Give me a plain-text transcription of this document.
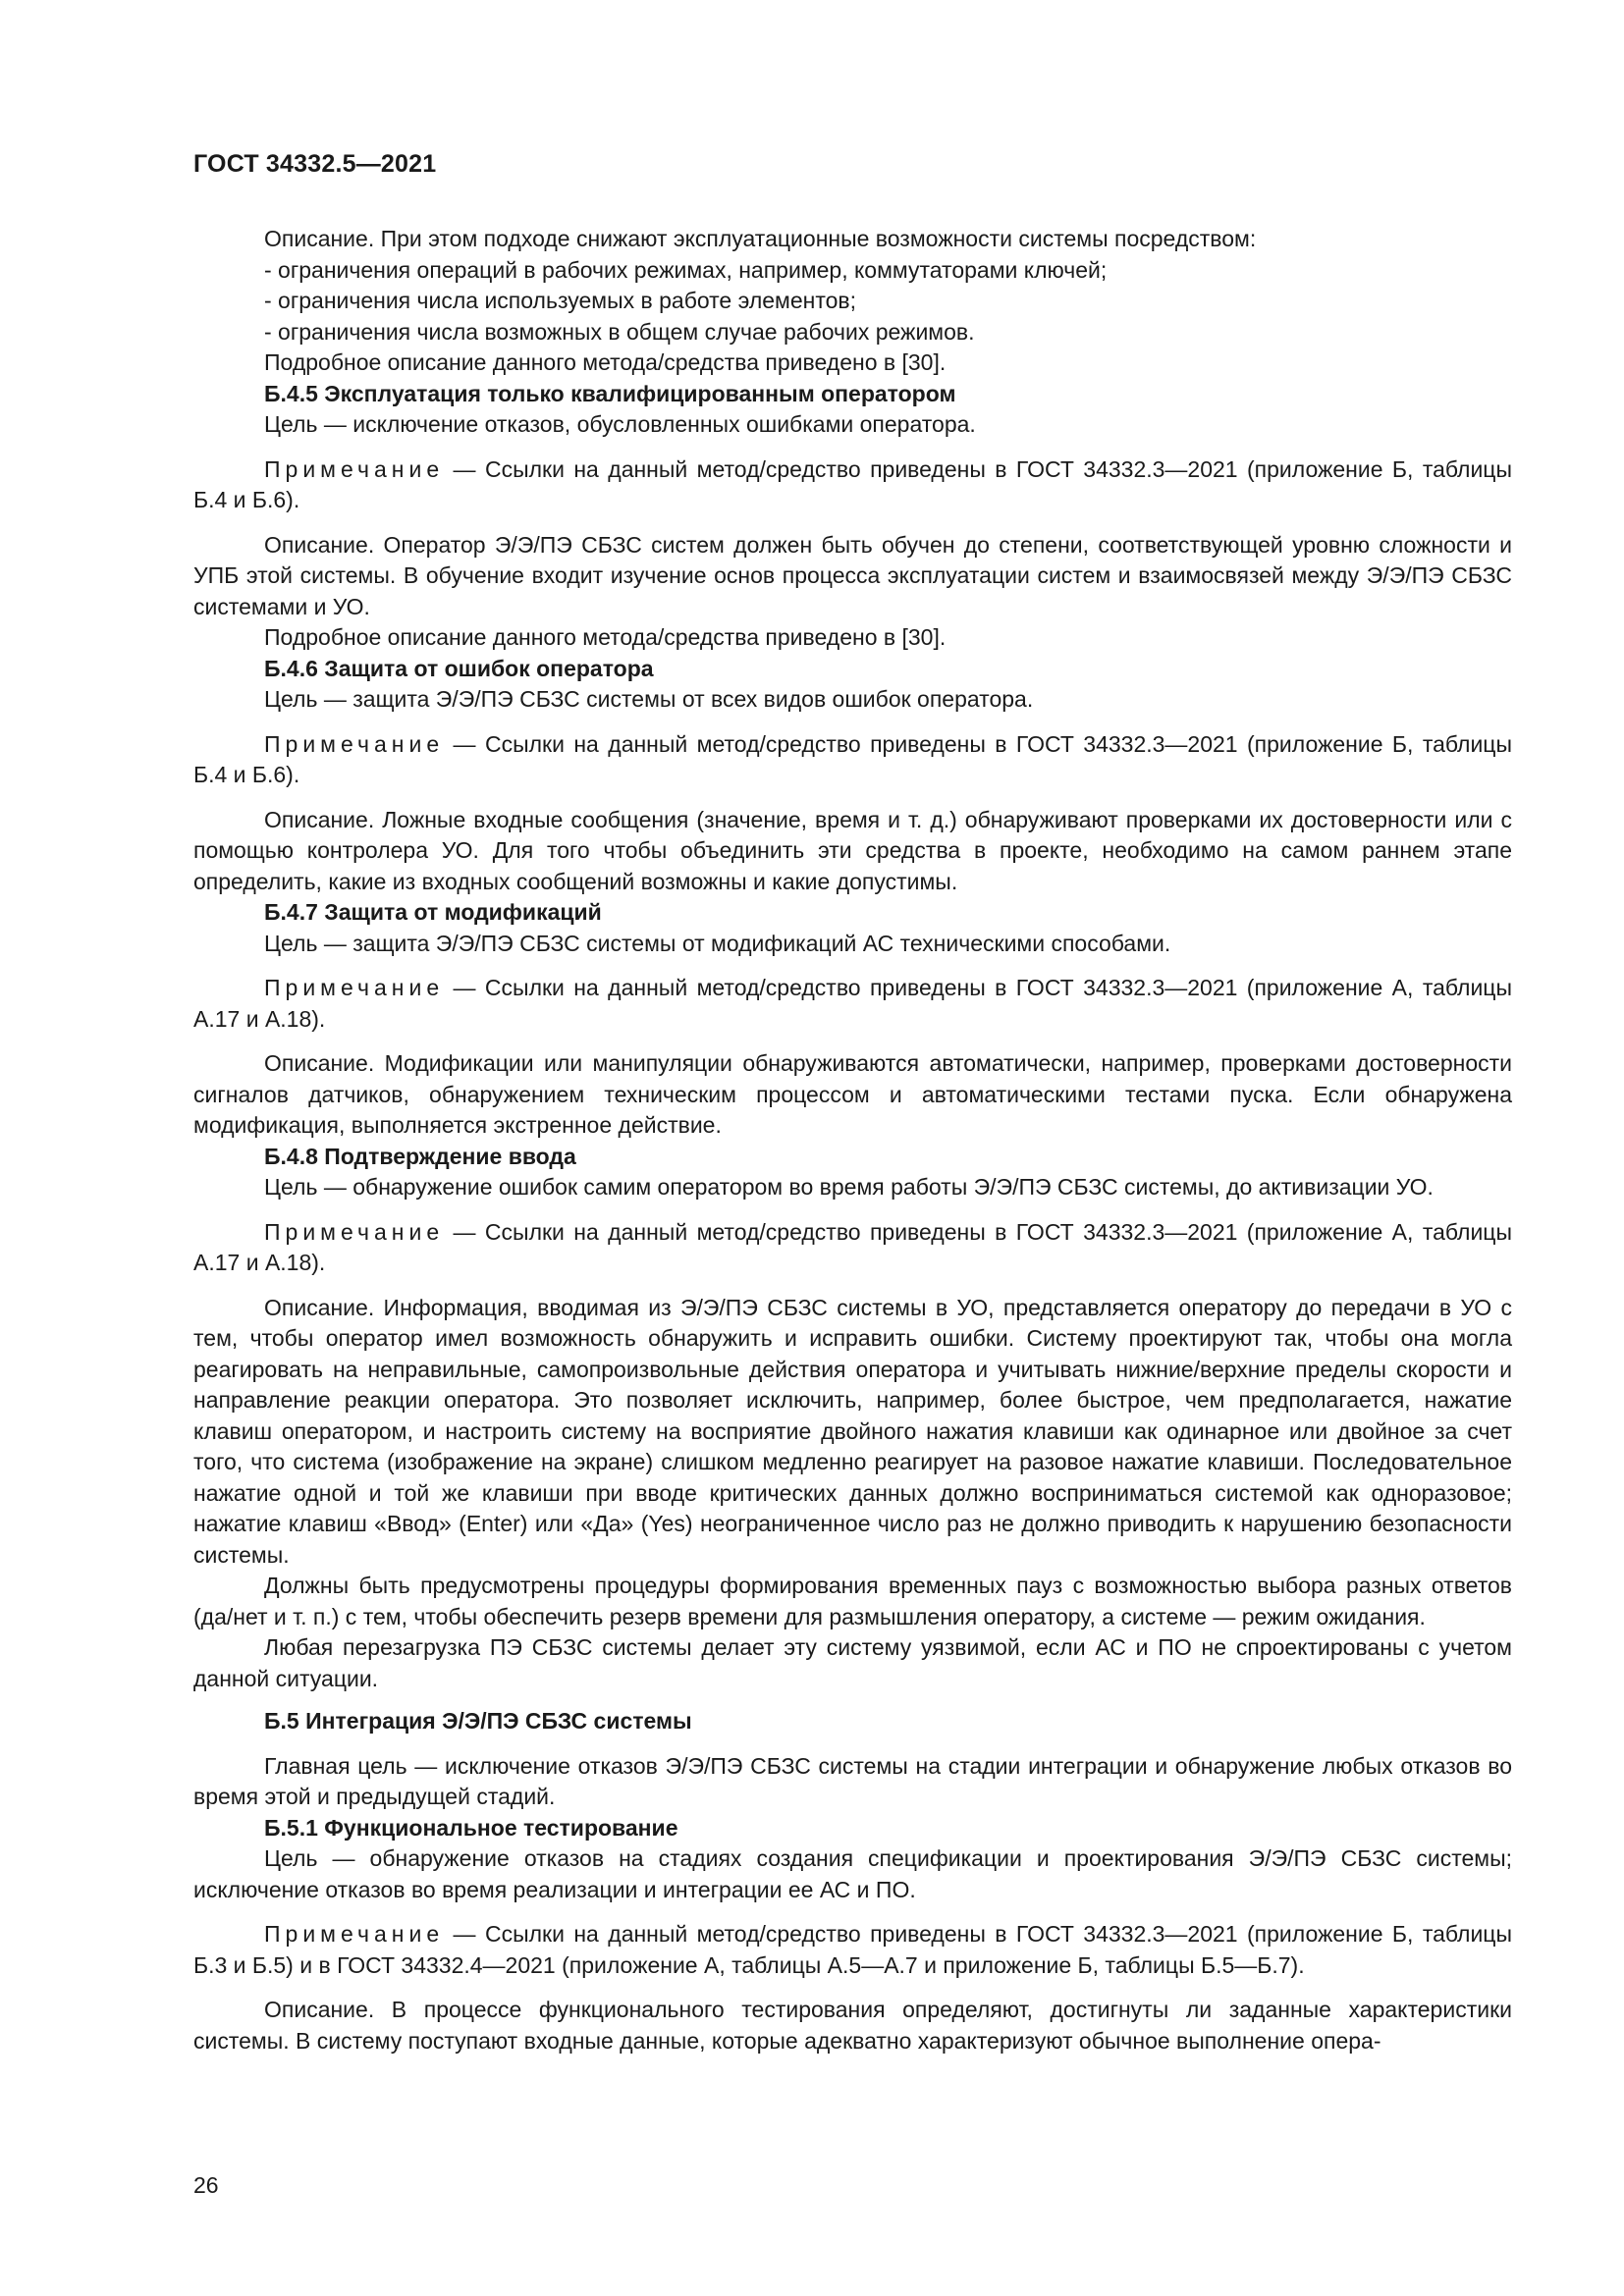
ГОСТ 34332.5—2021

Описание. При этом подходе снижают эксплуатационные возможности системы посредством:

- ограничения операций в рабочих режимах, например, коммутаторами ключей;

- ограничения числа используемых в работе элементов;

- ограничения числа возможных в общем случае рабочих режимов.

Подробное описание данного метода/средства приведено в [30].

Б.4.5 Эксплуатация только квалифицированным оператором

Цель — исключение отказов, обусловленных ошибками оператора.

Примечание — Ссылки на данный метод/средство приведены в ГОСТ 34332.3—2021 (приложение Б, таблицы Б.4 и Б.6).

Описание. Оператор Э/Э/ПЭ СБЗС систем должен быть обучен до степени, соответствующей уровню сложности и УПБ этой системы. В обучение входит изучение основ процесса эксплуатации систем и взаимосвязей между Э/Э/ПЭ СБЗС системами и УО.

Подробное описание данного метода/средства приведено в [30].

Б.4.6 Защита от ошибок оператора

Цель — защита Э/Э/ПЭ СБЗС системы от всех видов ошибок оператора.

Примечание — Ссылки на данный метод/средство приведены в ГОСТ 34332.3—2021 (приложение Б, таблицы Б.4 и Б.6).

Описание. Ложные входные сообщения (значение, время и т. д.) обнаруживают проверками их достоверности или с помощью контролера УО. Для того чтобы объединить эти средства в проекте, необходимо на самом раннем этапе определить, какие из входных сообщений возможны и какие допустимы.

Б.4.7 Защита от модификаций

Цель — защита Э/Э/ПЭ СБЗС системы от модификаций АС техническими способами.

Примечание — Ссылки на данный метод/средство приведены в ГОСТ 34332.3—2021 (приложение А, таблицы А.17 и А.18).

Описание. Модификации или манипуляции обнаруживаются автоматически, например, проверками достоверности сигналов датчиков, обнаружением техническим процессом и автоматическими тестами пуска. Если обнаружена модификация, выполняется экстренное действие.

Б.4.8 Подтверждение ввода

Цель — обнаружение ошибок самим оператором во время работы Э/Э/ПЭ СБЗС системы, до активизации УО.

Примечание — Ссылки на данный метод/средство приведены в ГОСТ 34332.3—2021 (приложение А, таблицы А.17 и А.18).

Описание. Информация, вводимая из Э/Э/ПЭ СБЗС системы в УО, представляется оператору до передачи в УО с тем, чтобы оператор имел возможность обнаружить и исправить ошибки. Систему проектируют так, чтобы она могла реагировать на неправильные, самопроизвольные действия оператора и учитывать нижние/верхние пределы скорости и направление реакции оператора. Это позволяет исключить, например, более быстрое, чем предполагается, нажатие клавиш оператором, и настроить систему на восприятие двойного нажатия клавиши как одинарное или двойное за счет того, что система (изображение на экране) слишком медленно реагирует на разовое нажатие клавиши. Последовательное нажатие одной и той же клавиши при вводе критических данных должно восприниматься системой как одноразовое; нажатие клавиш «Ввод» (Enter) или «Да» (Yes) неограниченное число раз не должно приводить к нарушению безопасности системы.

Должны быть предусмотрены процедуры формирования временных пауз с возможностью выбора разных ответов (да/нет и т. п.) с тем, чтобы обеспечить резерв времени для размышления оператору, а системе — режим ожидания.

Любая перезагрузка ПЭ СБЗС системы делает эту систему уязвимой, если АС и ПО не спроектированы с учетом данной ситуации.

Б.5 Интеграция Э/Э/ПЭ СБЗС системы

Главная цель — исключение отказов Э/Э/ПЭ СБЗС системы на стадии интеграции и обнаружение любых отказов во время этой и предыдущей стадий.

Б.5.1 Функциональное тестирование

Цель — обнаружение отказов на стадиях создания спецификации и проектирования Э/Э/ПЭ СБЗС системы; исключение отказов во время реализации и интеграции ее АС и ПО.

Примечание — Ссылки на данный метод/средство приведены в ГОСТ 34332.3—2021 (приложение Б, таблицы Б.3 и Б.5) и в ГОСТ 34332.4—2021 (приложение А, таблицы А.5—А.7 и приложение Б, таблицы Б.5—Б.7).

Описание. В процессе функционального тестирования определяют, достигнуты ли заданные характеристики системы. В систему поступают входные данные, которые адекватно характеризуют обычное выполнение опера-

26
